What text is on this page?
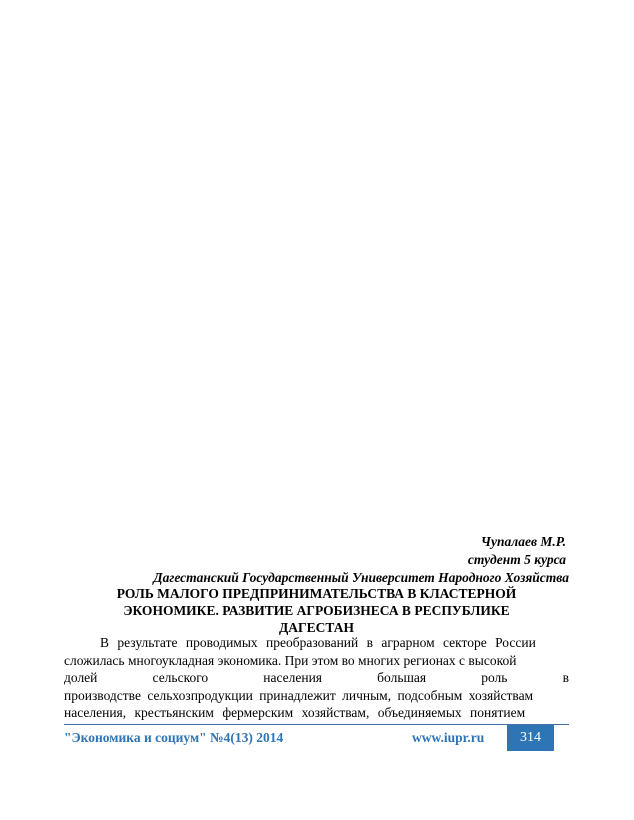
Чупалаев М.Р.
студент 5 курса
Дагестанский Государственный Университет Народного Хозяйства
РОЛЬ МАЛОГО ПРЕДПРИНИМАТЕЛЬСТВА В КЛАСТЕРНОЙ
ЭКОНОМИКЕ. РАЗВИТИЕ АГРОБИЗНЕСА В РЕСПУБЛИКЕ
ДАГЕСТАН
В результате проводимых преобразований в аграрном секторе России
сложилась многоукладная экономика. При этом во многих регионах с высокой
долей	сельского	населения	большая	роль	в
производстве сельхозпродукции принадлежит личным, подсобным хозяйствам
населения, крестьянским фермерским хозяйствам, объединяемых понятием
"Экономика и социум" №4(13) 2014	www.iupr.ru	314
